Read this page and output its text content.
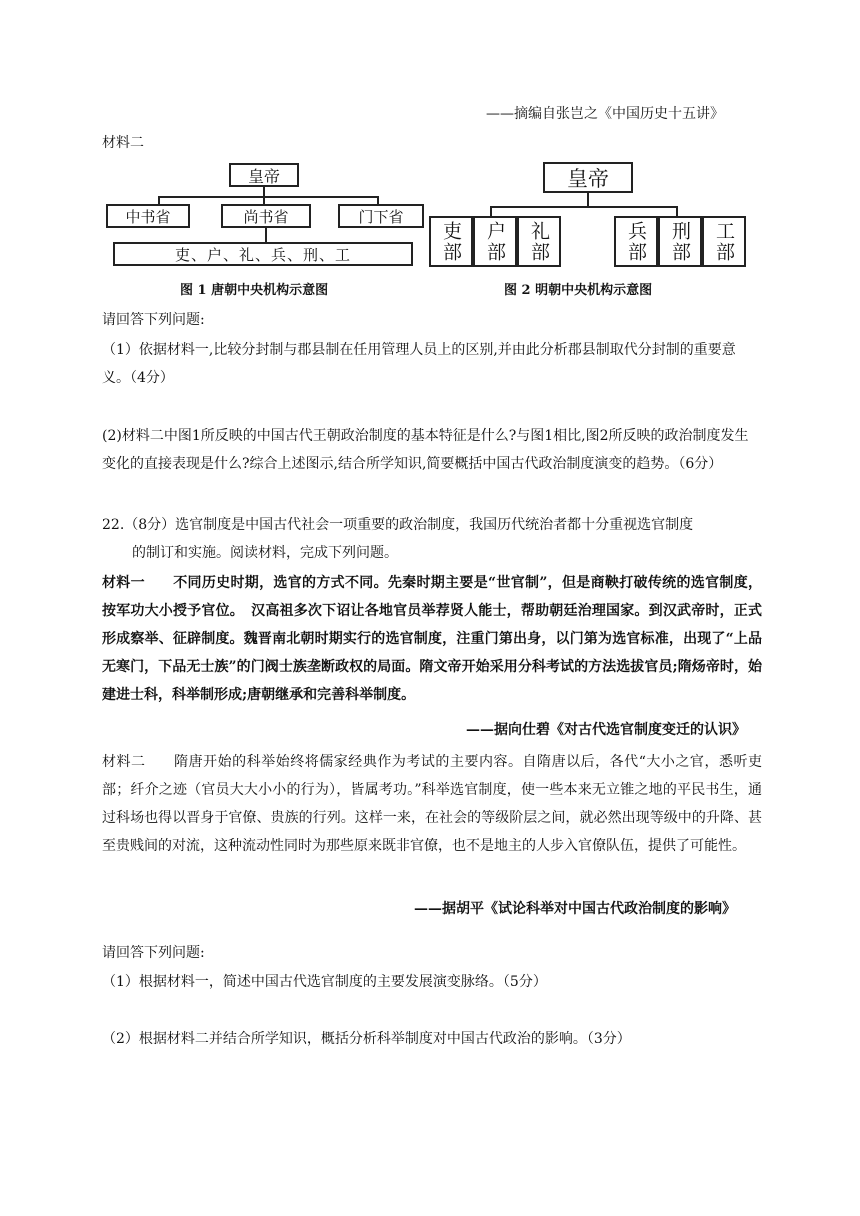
——摘编自张岂之《中国历史十五讲》
材料二
皇帝
中书省	尚书省	门下省
吏、户、礼、兵、刑、工
皇帝
吏部	户部	礼部	兵部	刑部	工部
图 1 唐朝中央机构示意图	图 2 明朝中央机构示意图
请回答下列问题:
（1）依据材料一,比较分封制与郡县制在任用管理人员上的区别,并由此分析郡县制取代分封制的重要意义。（4分）
(2)材料二中图1所反映的中国古代王朝政治制度的基本特征是什么?与图1相比,图2所反映的政治制度发生变化的直接表现是什么?综合上述图示,结合所学知识,简要概括中国古代政治制度演变的趋势。（6分）
22.（8分）选官制度是中国古代社会一项重要的政治制度，我国历代统治者都十分重视选官制度
的制订和实施。阅读材料，完成下列问题。
材料一 不同历史时期，选官的方式不同。先秦时期主要是“世官制”，但是商鞅打破传统的选官制度，按军功大小授予官位。　汉高祖多次下诏让各地官员举荐贤人能士，帮助朝廷治理国家。到汉武帝时，正式形成察举、征辟制度。魏晋南北朝时期实行的选官制度，注重门第出身，以门第为选官标准，出现了“上品无寒门，下品无士族”的门阀士族垄断政权的局面。隋文帝开始采用分科考试的方法选拔官员;隋炀帝时，始建进士科，科举制形成;唐朝继承和完善科举制度。
——据向仕碧《对古代选官制度变迁的认识》
材料二 隋唐开始的科举始终将儒家经典作为考试的主要内容。自隋唐以后，各代“大小之官，悉听吏部；纤介之迹（官员大大小小的行为），皆属考功。”科举选官制度，使一些本来无立锥之地的平民书生，通过科场也得以晋身于官僚、贵族的行列。这样一来，在社会的等级阶层之间，就必然出现等级中的升降、甚至贵贱间的对流，这种流动性同时为那些原来既非官僚，也不是地主的人步入官僚队伍，提供了可能性。
——据胡平《试论科举对中国古代政治制度的影响》
请回答下列问题:
（1）根据材料一，简述中国古代选官制度的主要发展演变脉络。（5分）
（2）根据材料二并结合所学知识，概括分析科举制度对中国古代政治的影响。（3分）
